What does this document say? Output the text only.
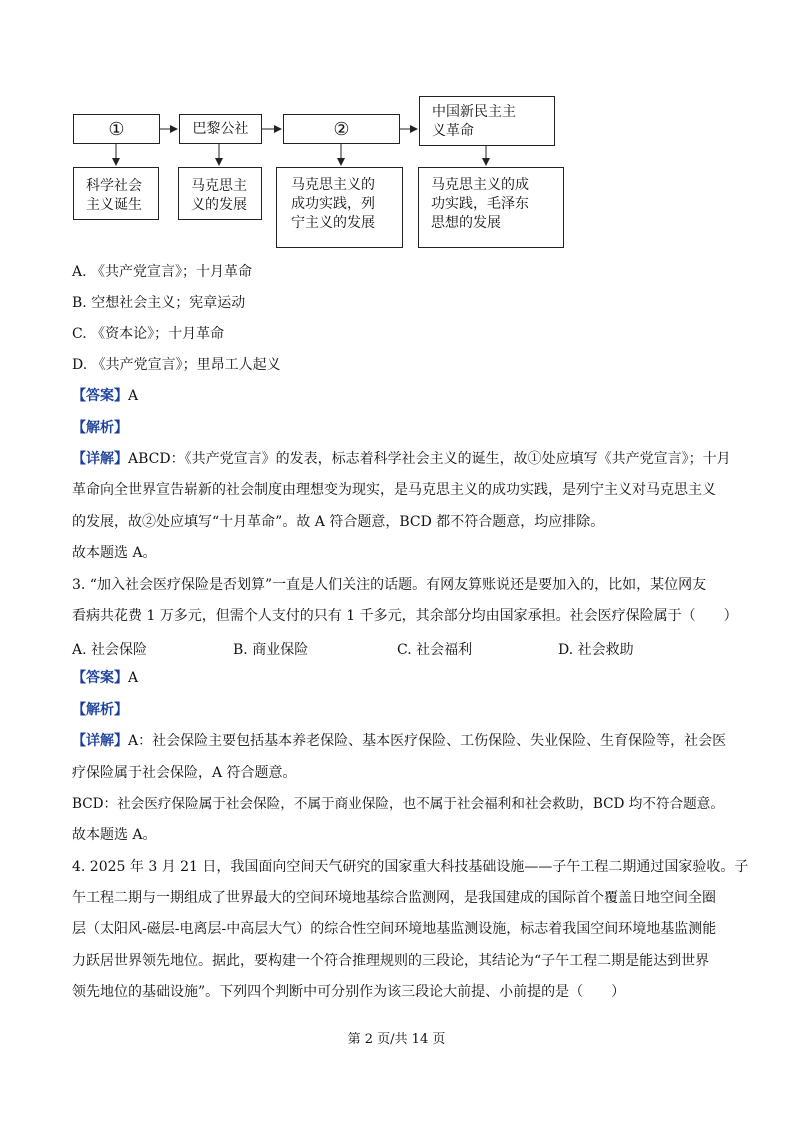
①	巴黎公社	②
中国新民主主
义革命
科学社会
主义诞生
马克思主
义的发展
马克思主义的
成功实践，列
宁主义的发展
马克思主义的成
功实践，毛泽东
思想的发展
A. 《共产党宣言》；十月革命
B. 空想社会主义；宪章运动
C. 《资本论》；十月革命
D. 《共产党宣言》；里昂工人起义
【答案】A
【解析】
【详解】ABCD：《共产党宣言》的发表，标志着科学社会主义的诞生，故①处应填写《共产党宣言》；十月
革命向全世界宣告崭新的社会制度由理想变为现实，是马克思主义的成功实践，是列宁主义对马克思主义
的发展，故②处应填写“十月革命”。故 A 符合题意，BCD 都不符合题意，均应排除。
故本题选 A。
3. “加入社会医疗保险是否划算”一直是人们关注的话题。有网友算账说还是要加入的，比如，某位网友
看病共花费 1 万多元，但需个人支付的只有 1 千多元，其余部分均由国家承担。社会医疗保险属于（　　）
A. 社会保险	B. 商业保险	C. 社会福利	D. 社会救助
【答案】A
【解析】
【详解】A：社会保险主要包括基本养老保险、基本医疗保险、工伤保险、失业保险、生育保险等，社会医
疗保险属于社会保险，A 符合题意。
BCD：社会医疗保险属于社会保险，不属于商业保险，也不属于社会福利和社会救助，BCD 均不符合题意。
故本题选 A。
4. 2025 年 3 月 21 日，我国面向空间天气研究的国家重大科技基础设施——子午工程二期通过国家验收。子
午工程二期与一期组成了世界最大的空间环境地基综合监测网，是我国建成的国际首个覆盖日地空间全圈
层（太阳风-磁层-电离层-中高层大气）的综合性空间环境地基监测设施，标志着我国空间环境地基监测能
力跃居世界领先地位。据此，要构建一个符合推理规则的三段论，其结论为“子午工程二期是能达到世界
领先地位的基础设施”。下列四个判断中可分别作为该三段论大前提、小前提的是（　　）
第 2 页/共 14 页
